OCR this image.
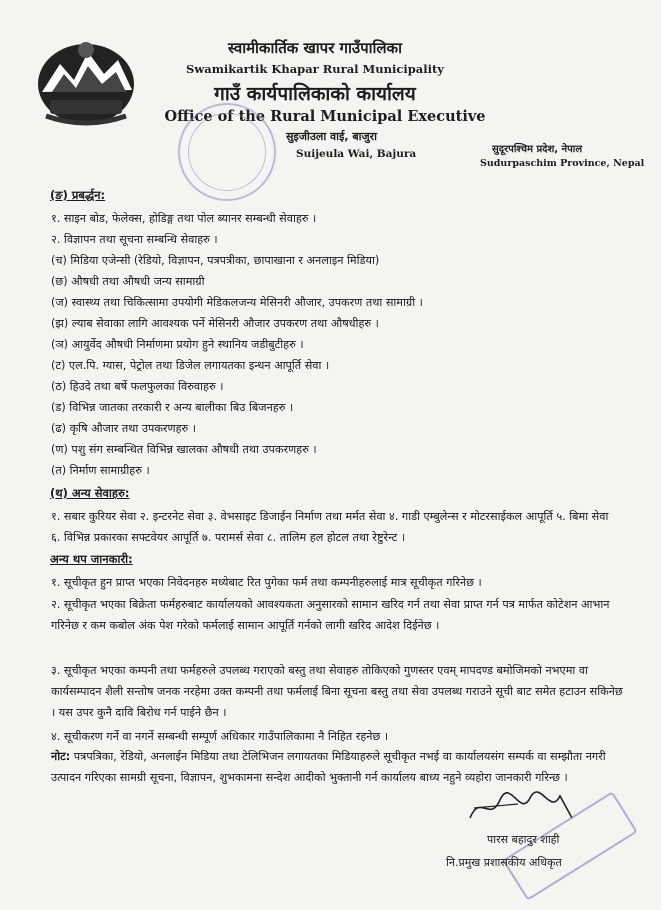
स्वामीकार्तिक खापर गाउँपालिका
Swamikartik Khapar Rural Municipality
गाउँ कार्यपालिकाको कार्यालय
Office of the Rural Municipal Executive
सुइजीउला वाई, बाजुरा
Suijeula Wai, Bajura	सुदूरपश्चिम प्रदेश, नेपाल
Sudurpaschim Province, Nepal
(ङ) प्रबर्द्धन:
१. साइन बोड, फेलेक्स, होडिङ्ग तथा पोल ब्यानर सम्बन्धी सेवाहरु ।
२. विज्ञापन तथा सूचना सम्बन्धि सेवाहरु ।
(च) मिडिया एजेन्सी (रेडियो, विज्ञापन, पत्रपत्रीका, छापाखाना र अनलाइन मिडिया)
(छ) औषधी तथा औषधी जन्य सामाग्री
(ज) स्वास्थ्य तथा चिकित्सामा उपयोगी मेडिकलजन्य मेसिनरी औजार, उपकरण तथा सामाग्री ।
(झ) ल्याब सेवाका लागि आवश्यक पर्ने मेसिनरी औजार उपकरण तथा औषधीहरु ।
(ञ) आयुर्वेद औषधी निर्माणमा प्रयोग हुने स्थानिय जडीबुटीहरु ।
(ट) एल.पि. ग्यास, पेट्रोल तथा डिजेल लगायतका इन्धन आपूर्ति सेवा ।
(ठ) हिउदे तथा बर्षे फलफुलका विरुवाहरु ।
(ड) विभिन्न जातका तरकारी र अन्य बालीका बिउ बिजनहरु ।
(ढ) कृषि औजार तथा उपकरणहरु ।
(ण) पशु संग सम्बन्धित विभिन्न खालका औषधी तथा उपकरणहरु ।
(त) निर्माण सामाग्रीहरु ।
(थ) अन्य सेवाहरु:
१. सबार कुरियर सेवा २. इन्टरनेट सेवा ३. वेभसाइट डिजाईन निर्माण तथा मर्मत सेवा ४. गाडी एम्बुलेन्स र मोटरसाईकल आपूर्ति ५. बिमा सेवा ६. विभिन्न प्रकारका सफ्टवेयर आपूर्ति ७. परामर्स सेवा ८. तालिम हल होटल तथा रेष्टुरेन्ट ।
अन्य थप जानकारी:
१. सूचीकृत हुन प्राप्त भएका निवेदनहरु मध्येबाट रित पुगेका फर्म तथा कम्पनीहरुलाई मात्र सूचीकृत गरिनेछ ।
२. सूचीकृत भएका बिक्रेता फर्महरुबाट कार्यालयको आवश्यकता अनुसारको सामान खरिद गर्न तथा सेवा प्राप्त गर्न पत्र मार्फत कोटेशन आभान गरिनेछ र कम कबोल अंक पेश गरेको फर्मलाई सामान आपूर्ति गर्नको लागी खरिद आदेश दिईनेछ ।
३. सूचीकृत भएका कम्पनी तथा फर्महरुले उपलब्ध गराएको बस्तु तथा सेवाहरु तोकिएको गुणस्तर एवम् मापदण्ड बमोजिमको नभएमा वा कार्यसम्पादन शैली सन्तोष जनक नरहेमा उक्त कम्पनी तथा फर्मलाई बिना सूचना बस्तु तथा सेवा उपलब्ध गराउने सूची बाट समेत हटाउन सकिनेछ । यस उपर कुनै दावि बिरोध गर्न पाईने छैन ।
४. सूचीकरण गर्ने वा नगर्ने सम्बन्धी सम्पूर्ण अधिकार गाउँपालिकामा नै निहित रहनेछ ।
नोट: पत्रपत्रिका, रेडियो, अनलाईन मिडिया तथा टेलिभिजन लगायतका मिडियाहरुले सूचीकृत नभई वा कार्यालयसंग सम्पर्क वा सम्झौता नगरी उत्पादन गरिएका सामग्री सूचना, विज्ञापन, शुभकामना सन्देश आदीको भुक्तानी गर्न कार्यालय बाध्य नहुने व्यहोरा जानकारी गरिन्छ ।
पारस बहादुर शाही
नि.प्रमुख प्रशासकीय अधिकृत
